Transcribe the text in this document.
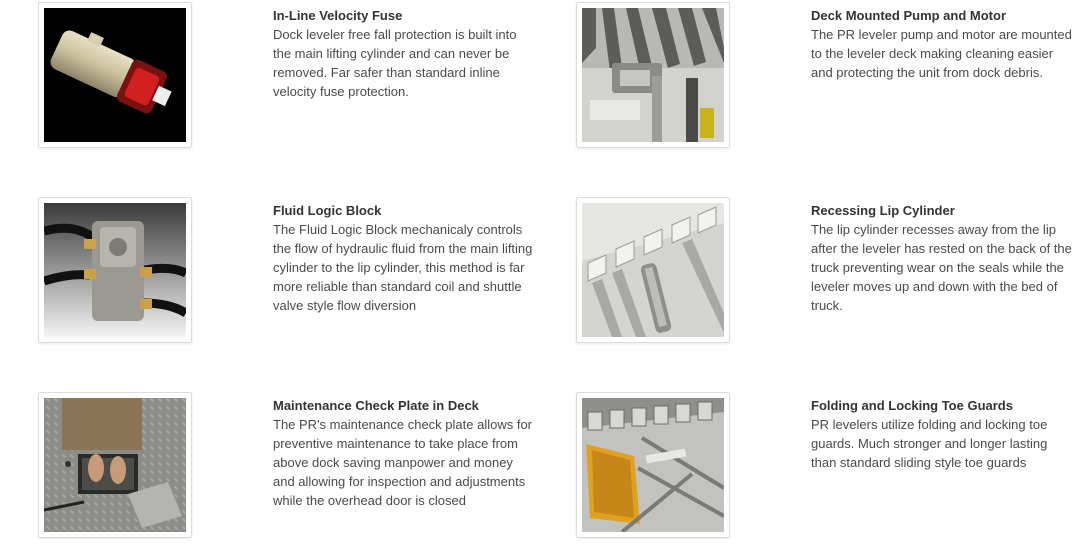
In-Line Velocity Fuse

Dock leveler free fall protection is built into the main lifting cylinder and can never be removed. Far safer than standard inline velocity fuse protection.

Deck Mounted Pump and Motor

The PR leveler pump and motor are mounted to the leveler deck making cleaning easier and protecting the unit from dock debris.

Fluid Logic Block

The Fluid Logic Block mechanicaly controls the flow of hydraulic fluid from the main lifting cylinder to the lip cylinder, this method is far more reliable than standard coil and shuttle valve style flow diversion

Recessing Lip Cylinder

The lip cylinder recesses away from the lip after the leveler has rested on the back of the truck preventing wear on the seals while the leveler moves up and down with the bed of truck.

Maintenance Check Plate in Deck

The PR's maintenance check plate allows for preventive maintenance to take place from above dock saving manpower and money and allowing for inspection and adjustments while the overhead door is closed

Folding and Locking Toe Guards

PR levelers utilize folding and locking toe guards. Much stronger and longer lasting than standard sliding style toe guards
